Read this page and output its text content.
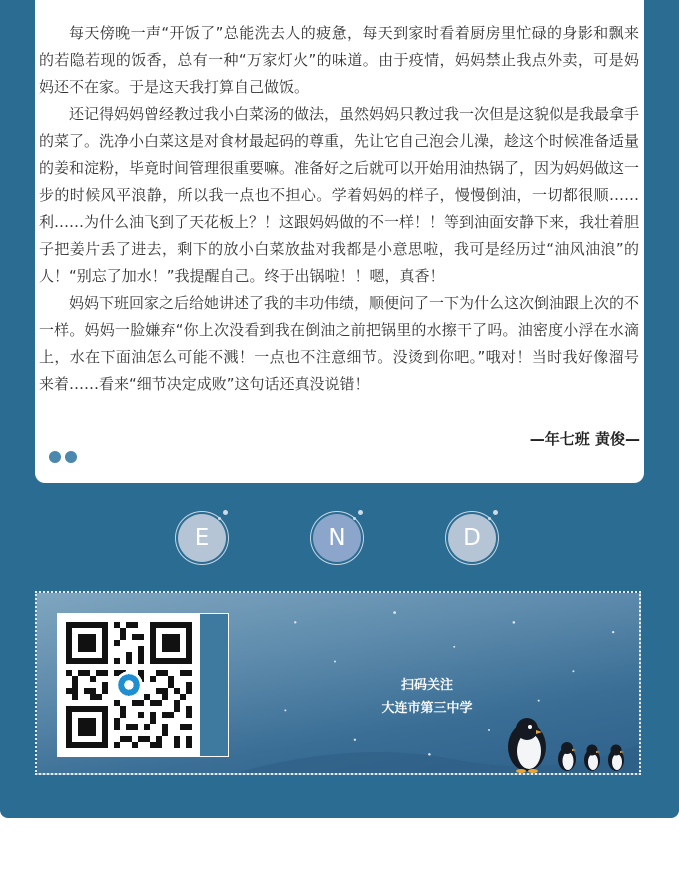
每天傍晚一声“开饭了”总能洗去人的疲惫，每天到家时看着厨房里忙碌的身影和飘来的若隐若现的饭香，总有一种“万家灯火”的味道。由于疫情，妈妈禁止我点外卖，可是妈妈还不在家。于是这天我打算自己做饭。

还记得妈妈曾经教过我小白菜汤的做法，虽然妈妈只教过我一次但是这貌似是我最拿手的菜了。洗净小白菜这是对食材最起码的尊重，先让它自己泡会儿澡，趁这个时候准备适量的姜和淀粉，毕竟时间管理很重要嘛。准备好之后就可以开始用油热锅了，因为妈妈做这一步的时候风平浪静，所以我一点也不担心。学着妈妈的样子，慢慢倒油，一切都很顺……利……为什么油飞到了天花板上？！这跟妈妈做的不一样！！等到油面安静下来，我壮着胆子把姜片丢了进去，剩下的放小白菜放盐对我都是小意思啦，我可是经历过“油风油浪”的人！“别忘了加水！”我提醒自己。终于出锅啦！！嗯，真香！

妈妈下班回家之后给她讲述了我的丰功伟绩，顺便问了一下为什么这次倒油跟上次的不一样。妈妈一脸嫌弃“你上次没看到我在倒油之前把锅里的水擦干了吗。油密度小浮在水滴上，水在下面油怎么可能不溅！一点也不注意细节。没烫到你吧。”哦对！当时我好像溜号来着……看来“细节决定成败”这句话还真没说错！

—年七班 黄俊—
E	N	D
扫码关注
大连市第三中学
